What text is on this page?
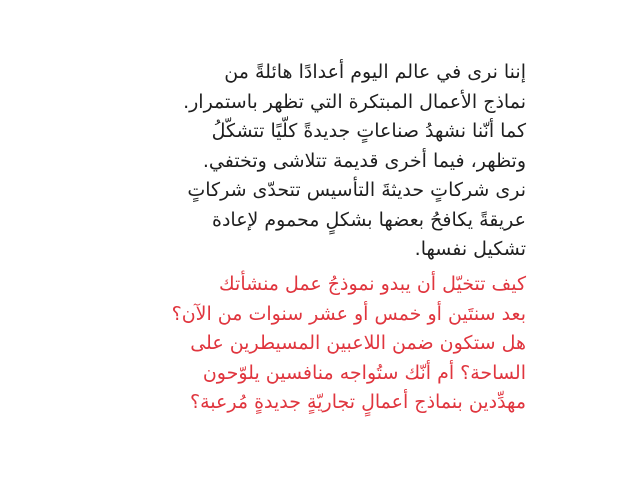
إننا نرى في عالم اليوم أعدادًا هائلةً من
نماذج الأعمال المبتكرة التي تظهر باستمرار.
كما أنّنا نشهدُ صناعاتٍ جديدةً كلّيًا تتشكّلُ
وتظهر، فيما أخرى قديمة تتلاشى وتختفي.
نرى شركاتٍ حديثةَ التأسيس تتحدّى شركاتٍ
عريقةً يكافحُ بعضها بشكلٍ محموم لإعادة
تشكيل نفسها.
كيف تتخيّل أن يبدو نموذجُ عمل منشأتك
بعد سنتَين أو خمس أو عشر سنوات من الآن؟
هل ستكون ضمن اللاعبين المسيطرين على
الساحة؟ أم أنّك ستُواجه منافسين يلوّحون
مهدِّدين بنماذج أعمالٍ تجاريّةٍ جديدةٍ مُرعبة؟
